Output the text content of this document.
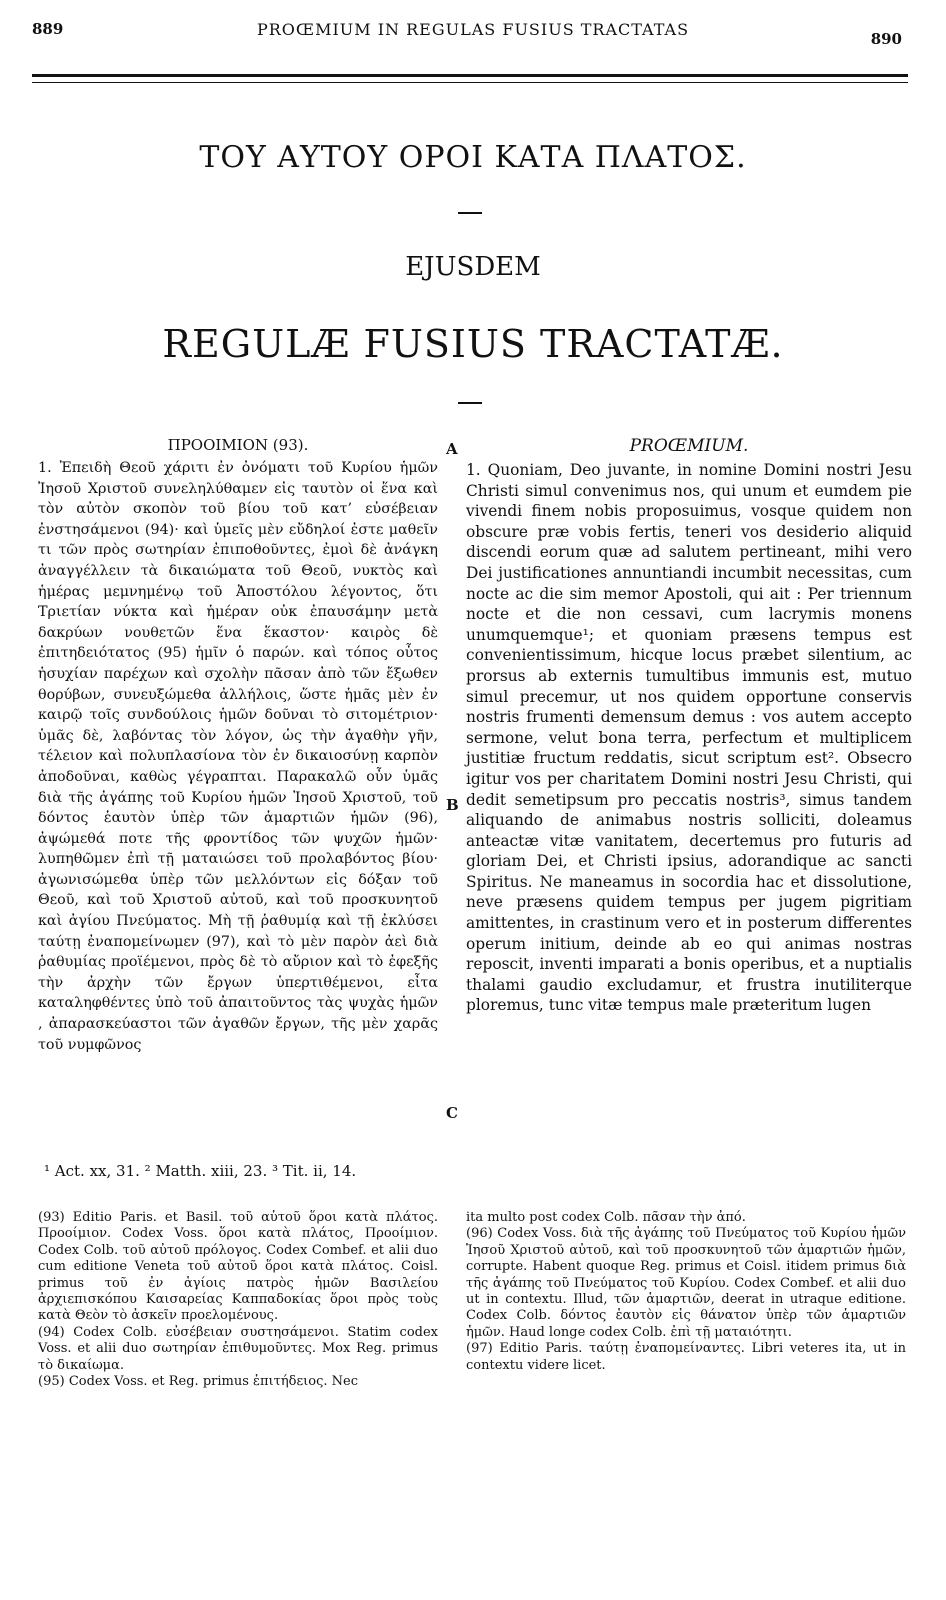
889	PROŒMIUM IN REGULAS FUSIUS TRACTATAS	890
ΤΟΥ ΑΥΤΟΥ ΟΡΟΙ ΚΑΤΑ ΠΛΑΤΟΣ.
EJUSDEM
REGULÆ FUSIUS TRACTATÆ.
A
B
C
ΠΡΟΟΙΜΙΟΝ (93).
1. Ἐπειδὴ Θεοῦ χάριτι ἐν ὀνόματι τοῦ Κυρίου ἡμῶν Ἰησοῦ Χριστοῦ συνεληλύθαμεν εἰς ταυτὸν οἱ ἕνα καὶ τὸν αὐτὸν σκοπὸν τοῦ βίου τοῦ κατ’ εὐσέβειαν ἐνστησάμενοι (94)· καὶ ὑμεῖς μὲν εὔδηλοί ἐστε μαθεῖν τι τῶν πρὸς σωτηρίαν ἐπιποθοῦντες, ἐμοὶ δὲ ἀνάγκη ἀναγγέλλειν τὰ δικαιώματα τοῦ Θεοῦ, νυκτὸς καὶ ἡμέρας μεμνημένῳ τοῦ Ἀποστόλου λέγοντος, ὅτι Τριετίαν νύκτα καὶ ἡμέραν οὐκ ἐπαυσάμην μετὰ δακρύων νουθετῶν ἕνα ἕκαστον· καιρὸς δὲ ἐπιτηδειότατος (95) ἡμῖν ὁ παρών. καὶ τόπος οὗτος ἡσυχίαν παρέχων καὶ σχολὴν πᾶσαν ἀπὸ τῶν ἔξωθεν θορύβων, συνευξώμεθα ἀλλήλοις, ὥστε ἡμᾶς μὲν ἐν καιρῷ τοῖς συνδούλοις ἡμῶν δοῦναι τὸ σιτομέτριον· ὑμᾶς δὲ, λαβόντας τὸν λόγον, ὡς τὴν ἀγαθὴν γῆν, τέλειον καὶ πολυπλασίονα τὸν ἐν δικαιοσύνῃ καρπὸν ἀποδοῦναι, καθὼς γέγραπται. Παρακαλῶ οὖν ὑμᾶς διὰ τῆς ἀγάπης τοῦ Κυρίου ἡμῶν Ἰησοῦ Χριστοῦ, τοῦ δόντος ἑαυτὸν ὑπὲρ τῶν ἁμαρτιῶν ἡμῶν (96), ἀψώμεθά ποτε τῆς φροντίδος τῶν ψυχῶν ἡμῶν· λυπηθῶμεν ἐπὶ τῇ ματαιώσει τοῦ προλαβόντος βίου· ἀγωνισώμεθα ὑπὲρ τῶν μελλόντων εἰς δόξαν τοῦ Θεοῦ, καὶ τοῦ Χριστοῦ αὐτοῦ, καὶ τοῦ προσκυνητοῦ καὶ ἁγίου Πνεύματος. Μὴ τῇ ῥαθυμίᾳ καὶ τῇ ἐκλύσει ταύτῃ ἐναπομείνωμεν (97), καὶ τὸ μὲν παρὸν ἀεὶ διὰ ῥαθυμίας προϊέμενοι, πρὸς δὲ τὸ αὔριον καὶ τὸ ἐφεξῆς τὴν ἀρχὴν τῶν ἔργων ὑπερτιθέμενοι, εἶτα καταληφθέντες ὑπὸ τοῦ ἀπαιτοῦντος τὰς ψυχὰς ἡμῶν , ἀπαρασκεύαστοι τῶν ἀγαθῶν ἔργων, τῆς μὲν χαρᾶς τοῦ νυμφῶνος
PROŒMIUM.
1. Quoniam, Deo juvante, in nomine Domini nostri Jesu Christi simul convenimus nos, qui unum et eumdem pie vivendi finem nobis proposuimus, vosque quidem non obscure præ vobis fertis, teneri vos desiderio aliquid discendi eorum quæ ad salutem pertineant, mihi vero Dei justificationes annuntiandi incumbit necessitas, cum nocte ac die sim memor Apostoli, qui ait : Per triennum nocte et die non cessavi, cum lacrymis monens unumquemque¹; et quoniam præsens tempus est convenientissimum, hicque locus præbet silentium, ac prorsus ab externis tumultibus immunis est, mutuo simul precemur, ut nos quidem opportune conservis nostris frumenti demensum demus : vos autem accepto sermone, velut bona terra, perfectum et multiplicem justitiæ fructum reddatis, sicut scriptum est². Obsecro igitur vos per charitatem Domini nostri Jesu Christi, qui dedit semetipsum pro peccatis nostris³, simus tandem aliquando de animabus nostris solliciti, doleamus anteactæ vitæ vanitatem, decertemus pro futuris ad gloriam Dei, et Christi ipsius, adorandique ac sancti Spiritus. Ne maneamus in socordia hac et dissolutione, neve præsens quidem tempus per jugem pigritiam amittentes, in crastinum vero et in posterum differentes operum initium, deinde ab eo qui animas nostras reposcit, inventi imparati a bonis operibus, et a nuptialis thalami gaudio excludamur, et frustra inutiliterque ploremus, tunc vitæ tempus male præteritum lugen
¹ Act. xx, 31. ² Matth. xiii, 23. ³ Tit. ii, 14.

(93) Editio Paris. et Basil. τοῦ αὐτοῦ ὅροι κατὰ πλάτος. Προοίμιον. Codex Voss. ὅροι κατὰ πλάτος, Προοίμιον. Codex Colb. τοῦ αὐτοῦ πρόλογος. Codex Combef. et alii duo cum editione Veneta τοῦ αὐτοῦ ὅροι κατὰ πλάτος. Coisl. primus τοῦ ἐν ἁγίοις πατρὸς ἡμῶν Βασιλείου ἀρχιεπισκόπου Καισαρείας Καππαδοκίας ὅροι πρὸς τοὺς κατὰ Θεὸν τὸ ἀσκεῖν προελομένους.

(94) Codex Colb. εὐσέβειαν συστησάμενοι. Statim codex Voss. et alii duo σωτηρίαν ἐπιθυμοῦντες. Mox Reg. primus τὸ δικαίωμα.

(95) Codex Voss. et Reg. primus ἐπιτήδειος. Nec

ita multo post codex Colb. πᾶσαν τὴν ἀπό.

(96) Codex Voss. διὰ τῆς ἀγάπης τοῦ Πνεύματος τοῦ Κυρίου ἡμῶν Ἰησοῦ Χριστοῦ αὐτοῦ, καὶ τοῦ προσκυνητοῦ τῶν ἁμαρτιῶν ἡμῶν, corrupte. Habent quoque Reg. primus et Coisl. itidem primus διὰ τῆς ἀγάπης τοῦ Πνεύματος τοῦ Κυρίου. Codex Combef. et alii duo ut in contextu. Illud, τῶν ἁμαρτιῶν, deerat in utraque editione. Codex Colb. δόντος ἑαυτὸν εἰς θάνατον ὑπὲρ τῶν ἁμαρτιῶν ἡμῶν. Haud longe codex Colb. ἐπὶ τῇ ματαιότητι.

(97) Editio Paris. ταύτῃ ἐναπομείναντες. Libri veteres ita, ut in contextu videre licet.
